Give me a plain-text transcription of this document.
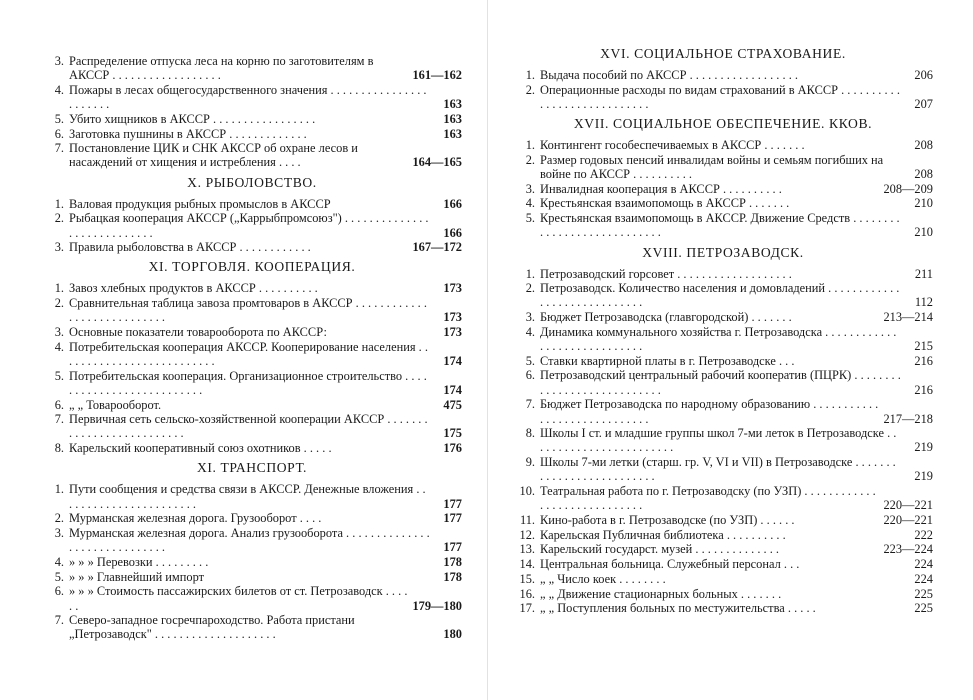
3. Распределение отпуска леса на корню по заготовителям в АКССР . . . . . . . . . . . . . . . . . .	161—162
4. Пожары в лесах общегосударственного значения . . . . . . . . . . . . . . . . . . . . . . .	163
5. Убито хищников в АКССР . . . . . . . . . . . . . . . . .	163
6. Заготовка пушнины в АКССР . . . . . . . . . . . . .	163
7. Постановление ЦИК и СНК АКССР об охране лесов и насаждений от хищения и истребления . . . .	164—165
X. РЫБОЛОВСТВО.
1. Валовая продукция рыбных промыслов в АКССР	166
2. Рыбацкая кооперация АКССР („Каррыбпромсоюз") . . . . . . . . . . . . . . . . . . . . . . . . . . . .	166
3. Правила рыболовства в АКССР . . . . . . . . . . . .	167—172
XI. ТОРГОВЛЯ. КООПЕРАЦИЯ.
1. Завоз хлебных продуктов в АКССР . . . . . . . . . .	173
2. Сравнительная таблица завоза промтоваров в АКССР . . . . . . . . . . . . . . . . . . . . . . . . . . . .	173
3. Основные показатели товарооборота по АКССР:	173
4. Потребительская кооперация АКССР. Кооперирование населения . . . . . . . . . . . . . . . . . . . . . . . . . .	174
5. Потребительская кооперация. Организационное строительство . . . . . . . . . . . . . . . . . . . . . . . . . .	174
6. „ „ Товарооборот.	475
7. Первичная сеть сельско-хозяйственной кооперации АКССР . . . . . . . . . . . . . . . . . . . . . . . . . .	175
8. Карельский кооперативный союз охотников . . . . .	176
XI. ТРАНСПОРТ.
1. Пути сообщения и средства связи в АКССР. Денежные вложения . . . . . . . . . . . . . . . . . . . . . . .	177
2. Мурманская железная дорога. Грузооборот . . . .	177
3. Мурманская железная дорога. Анализ грузооборота . . . . . . . . . . . . . . . . . . . . . . . . . . . . . .	177
4. » » » Перевозки . . . . . . . . .	178
5. » » » Главнейший импорт	178
6. » » » Стоимость пассажирских билетов от ст. Петрозаводск . . . . . .	179—180
7. Северо-западное госречпароходство. Работа пристани „Петрозаводск" . . . . . . . . . . . . . . . . . . . .	180
XVI. СОЦИАЛЬНОЕ СТРАХОВАНИЕ.
1. Выдача пособий по АКССР . . . . . . . . . . . . . . . . . .	206
2. Операционные расходы по видам страхований в АКССР . . . . . . . . . . . . . . . . . . . . . . . . . . . .	207
XVII. СОЦИАЛЬНОЕ ОБЕСПЕЧЕНИЕ. ККОВ.
1. Контингент гособеспечиваемых в АКССР . . . . . . .	208
2. Размер годовых пенсий инвалидам войны и семьям погибших на войне по АКССР . . . . . . . . . .	208
3. Инвалидная кооперация в АКССР . . . . . . . . . .	208—209
4. Крестьянская взаимопомощь в АКССР . . . . . . .	210
5. Крестьянская взаимопомощь в АКССР. Движение Средств . . . . . . . . . . . . . . . . . . . . . . . . . . . .	210
XVIII. ПЕТРОЗАВОДСК.
1. Петрозаводский горсовет . . . . . . . . . . . . . . . . . . .	211
2. Петрозаводск. Количество населения и домовладений . . . . . . . . . . . . . . . . . . . . . . . . . . . . .	112
3. Бюджет Петрозаводска (главгородской) . . . . . . .	213—214
4. Динамика коммунального хозяйства г. Петрозаводска . . . . . . . . . . . . . . . . . . . . . . . . . . . . .	215
5. Ставки квартирной платы в г. Петрозаводске . . .	216
6. Петрозаводский центральный рабочий кооператив (ПЦРК) . . . . . . . . . . . . . . . . . . . . . . . . . . . .	216
7. Бюджет Петрозаводска по народному образованию . . . . . . . . . . . . . . . . . . . . . . . . . . . . .	217—218
8. Школы I ст. и младшие группы школ 7-ми леток в Петрозаводске . . . . . . . . . . . . . . . . . . . . . . . .	219
9. Школы 7-ми летки (старш. гр. V, VI и VII) в Петрозаводске . . . . . . . . . . . . . . . . . . . . . . . . . .	219
10. Театральная работа по г. Петрозаводску (по УЗП) . . . . . . . . . . . . . . . . . . . . . . . . . . . . .	220—221
11. Кино-работа в г. Петрозаводске (по УЗП) . . . . . .	220—221
12. Карельская Публичная библиотека . . . . . . . . . .	222
13. Карельский государст. музей . . . . . . . . . . . . . .	223—224
14. Центральная больница. Служебный персонал . . .	224
15. „ „ Число коек . . . . . . . .	224
16. „ „ Движение стационарных больных . . . . . . .	225
17. „ „ Поступления больных по местужительства . . . . .	225
